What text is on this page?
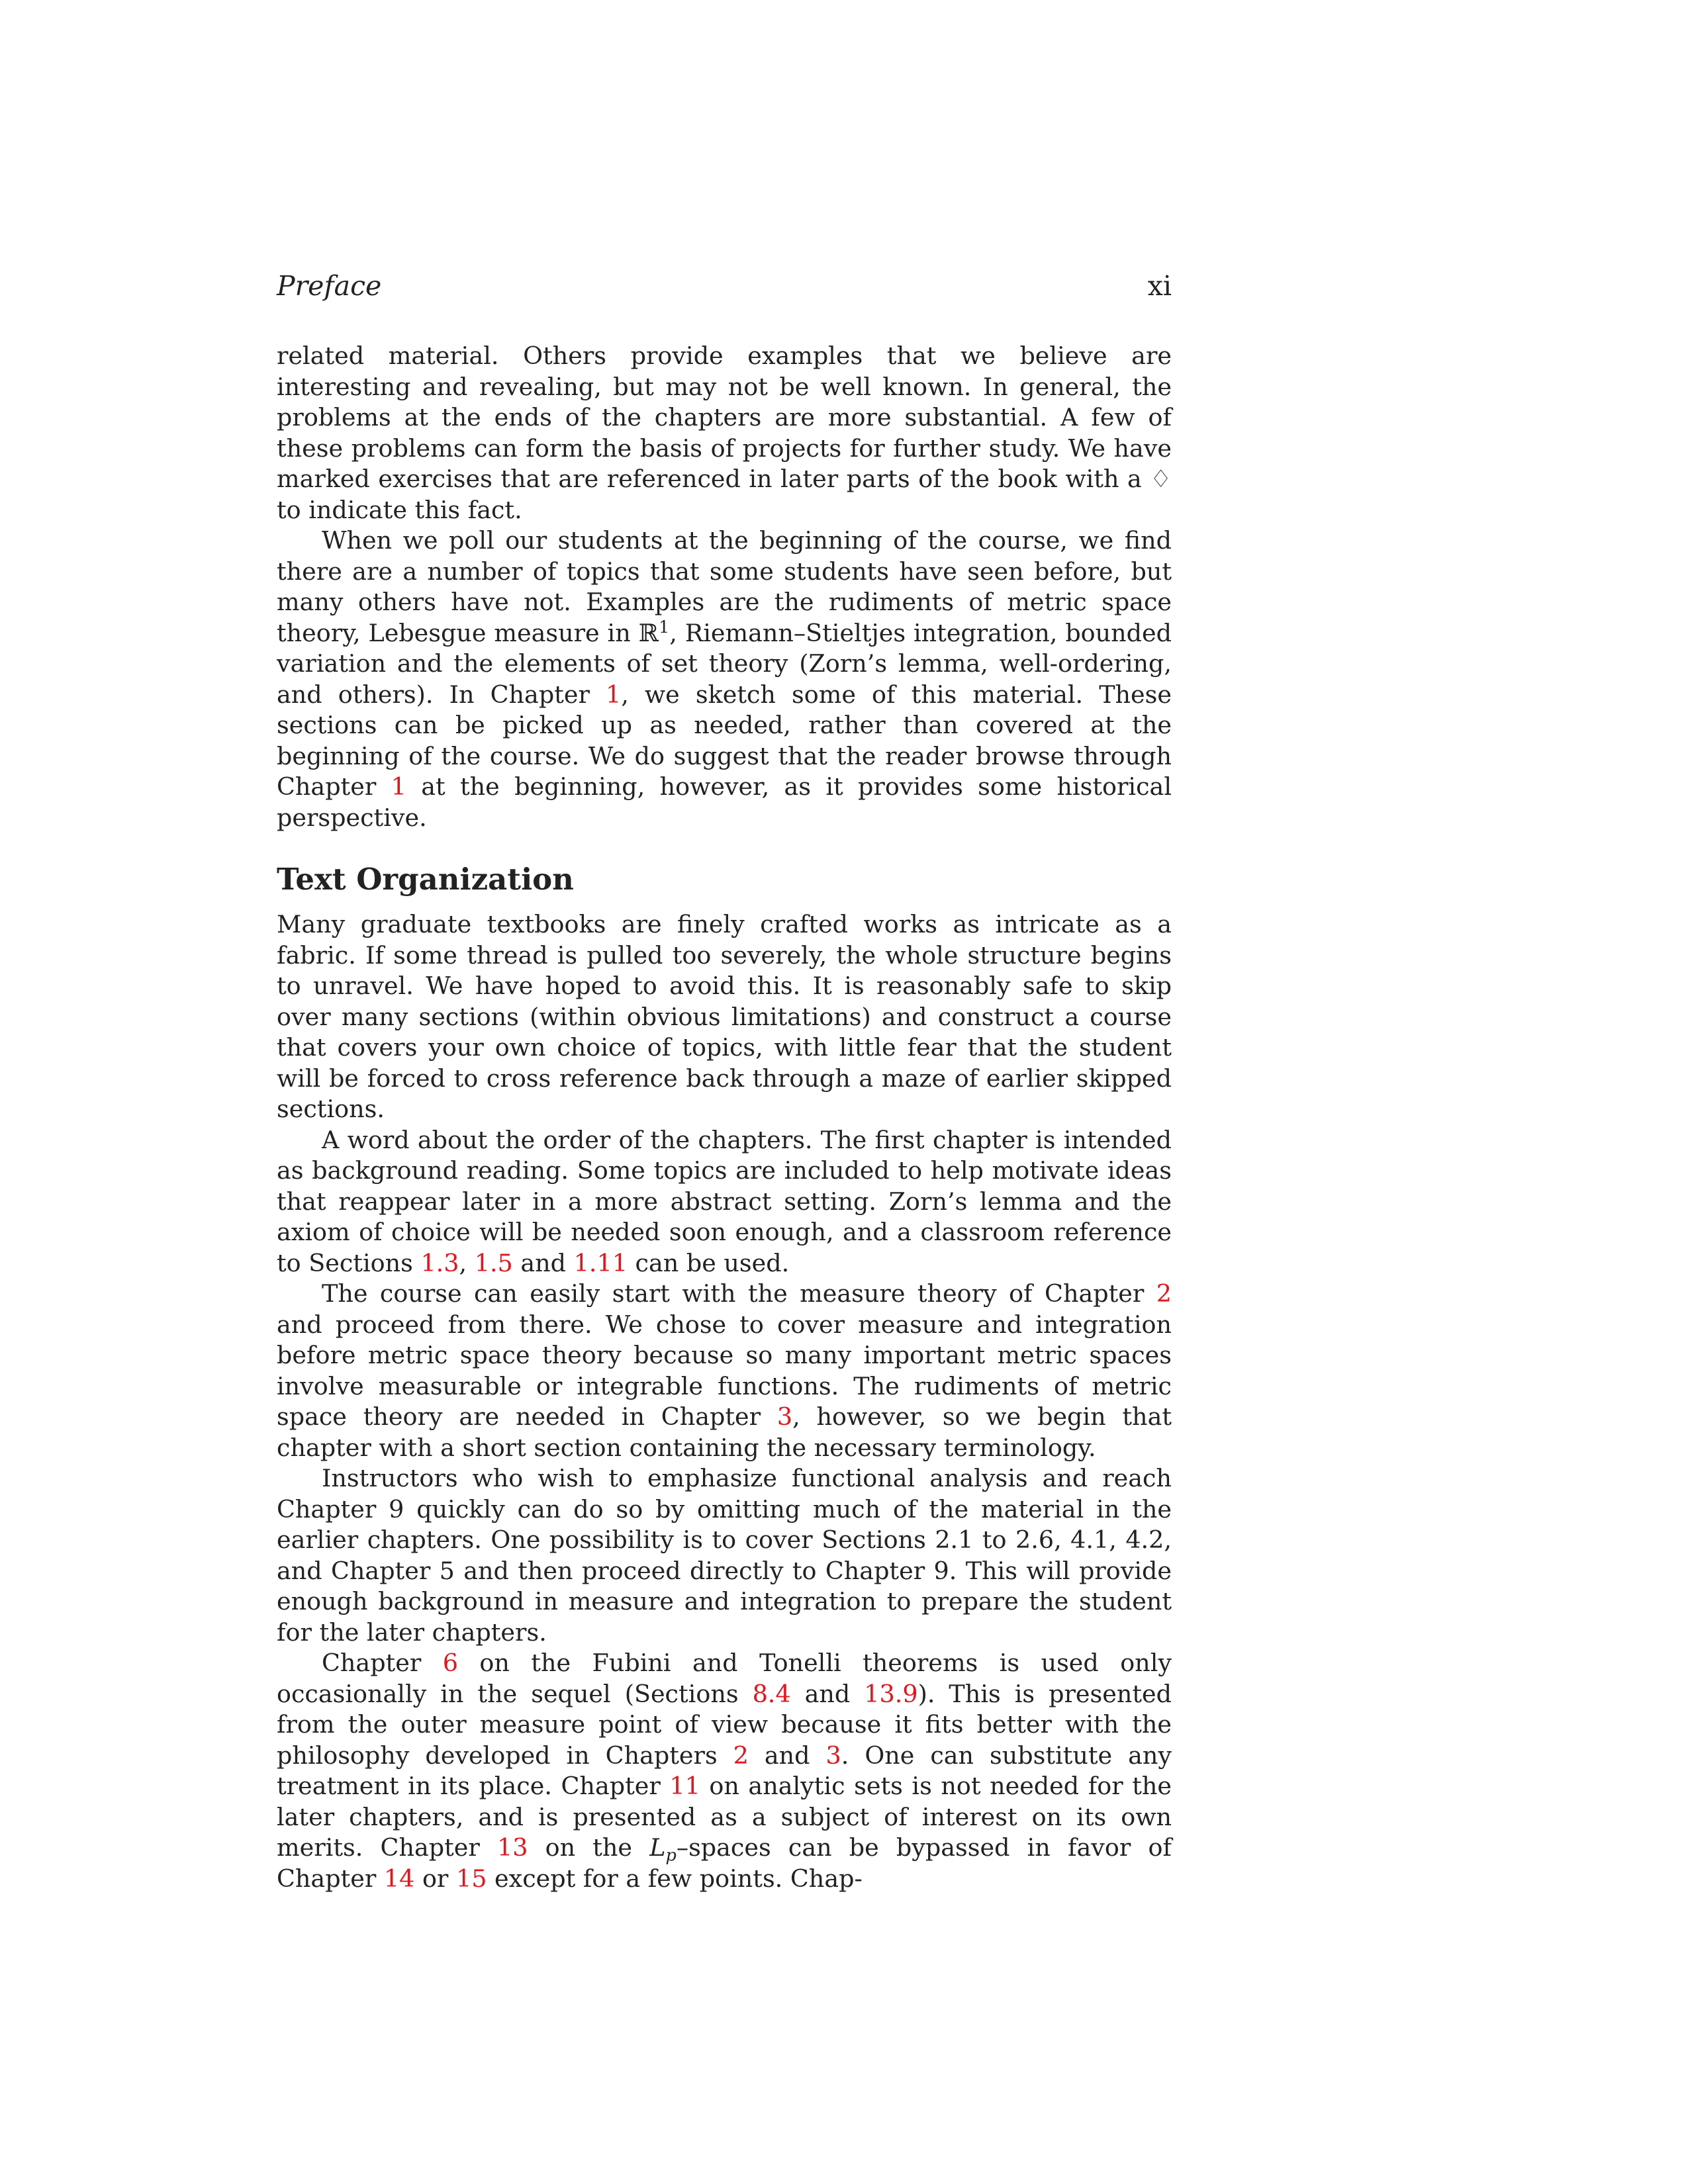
Preface	xi

related material. Others provide examples that we believe are interesting and revealing, but may not be well known. In general, the problems at the ends of the chapters are more substantial. A few of these problems can form the basis of projects for further study. We have marked exercises that are referenced in later parts of the book with a ♢ to indicate this fact.

When we poll our students at the beginning of the course, we find there are a number of topics that some students have seen before, but many others have not. Examples are the rudiments of metric space theory, Lebesgue measure in ℝ$^1$, Riemann–Stieltjes integration, bounded variation and the elements of set theory (Zorn’s lemma, well-ordering, and others). In Chapter 1, we sketch some of this material. These sections can be picked up as needed, rather than covered at the beginning of the course. We do suggest that the reader browse through Chapter 1 at the beginning, however, as it provides some historical perspective.

Text Organization

Many graduate textbooks are finely crafted works as intricate as a fabric. If some thread is pulled too severely, the whole structure begins to unravel. We have hoped to avoid this. It is reasonably safe to skip over many sections (within obvious limitations) and construct a course that covers your own choice of topics, with little fear that the student will be forced to cross reference back through a maze of earlier skipped sections.

A word about the order of the chapters. The first chapter is intended as background reading. Some topics are included to help motivate ideas that reappear later in a more abstract setting. Zorn’s lemma and the axiom of choice will be needed soon enough, and a classroom reference to Sections 1.3, 1.5 and 1.11 can be used.

The course can easily start with the measure theory of Chapter 2 and proceed from there. We chose to cover measure and integration before metric space theory because so many important metric spaces involve measurable or integrable functions. The rudiments of metric space theory are needed in Chapter 3, however, so we begin that chapter with a short section containing the necessary terminology.

Instructors who wish to emphasize functional analysis and reach Chapter 9 quickly can do so by omitting much of the material in the earlier chapters. One possibility is to cover Sections 2.1 to 2.6, 4.1, 4.2, and Chapter 5 and then proceed directly to Chapter 9. This will provide enough background in measure and integration to prepare the student for the later chapters.

Chapter 6 on the Fubini and Tonelli theorems is used only occasionally in the sequel (Sections 8.4 and 13.9). This is presented from the outer measure point of view because it fits better with the philosophy developed in Chapters 2 and 3. One can substitute any treatment in its place. Chapter 11 on analytic sets is not needed for the later chapters, and is presented as a subject of interest on its own merits. Chapter 13 on the $L_p$–spaces can be bypassed in favor of Chapter 14 or 15 except for a few points. Chap-
